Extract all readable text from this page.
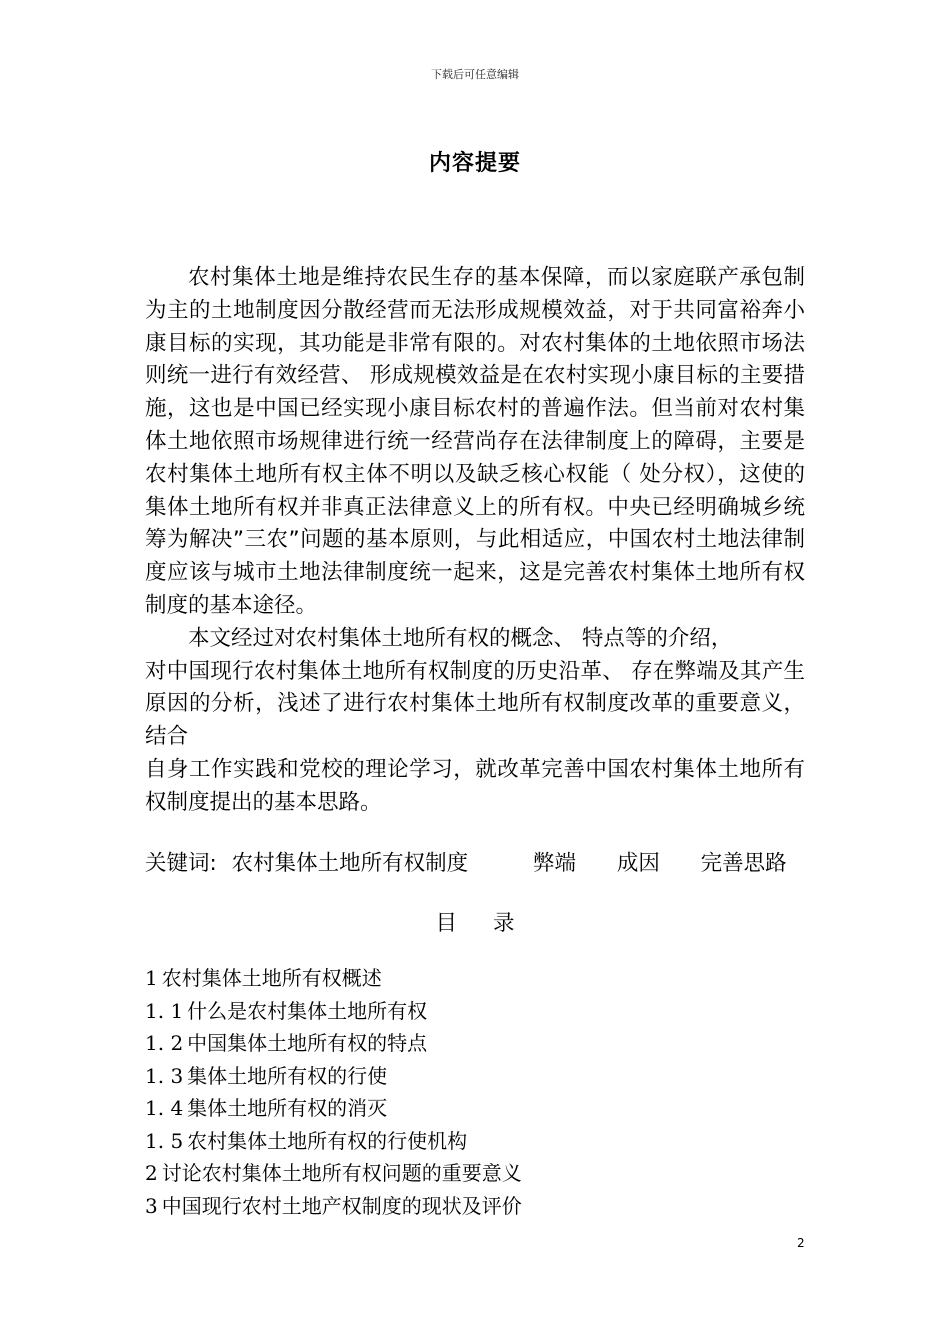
下载后可任意编辑
内容提要

农村集体土地是维持农民生存的基本保障，而以家庭联产承包制为主的土地制度因分散经营而无法形成规模效益，对于共同富裕奔小康目标的实现，其功能是非常有限的。对农村集体的土地依照市场法则统一进行有效经营、 形成规模效益是在农村实现小康目标的主要措施，这也是中国已经实现小康目标农村的普遍作法。但当前对农村集体土地依照市场规律进行统一经营尚存在法律制度上的障碍，主要是农村集体土地所有权主体不明以及缺乏核心权能（ 处分权），这使的集体土地所有权并非真正法律意义上的所有权。中央已经明确城乡统筹为解决”三农”问题的基本原则，与此相适应，中国农村土地法律制度应该与城市土地法律制度统一起来，这是完善农村集体土地所有权制度的基本途径。

本文经过对农村集体土地所有权的概念、 特点等的介绍，

对中国现行农村集体土地所有权制度的历史沿革、 存在弊端及其产生原因的分析，浅述了进行农村集体土地所有权制度改革的重要意义，结合

自身工作实践和党校的理论学习，就改革完善中国农村集体土地所有权制度提出的基本思路。

关键词: 农村集体土地所有权制度	弊端 成因 完善思路
目录
1 农村集体土地所有权概述
1. 1 什么是农村集体土地所有权
1. 2 中国集体土地所有权的特点
1. 3 集体土地所有权的行使
1. 4 集体土地所有权的消灭
1. 5 农村集体土地所有权的行使机构
2 讨论农村集体土地所有权问题的重要意义
3 中国现行农村土地产权制度的现状及评价
2
